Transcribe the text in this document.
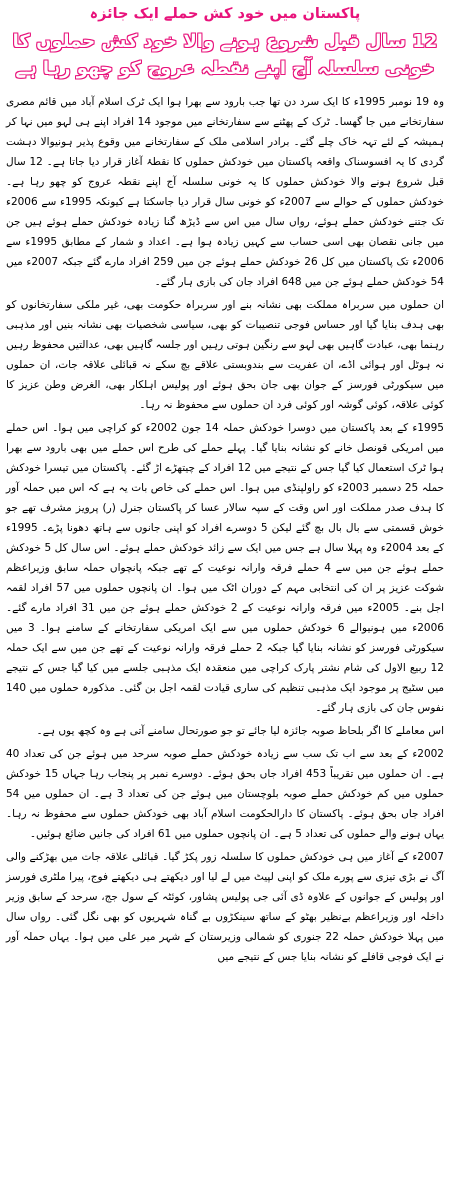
پاکستان میں خود کش حملے ایک جائزہ
12 سال قبل شروع ہونے والا خود کش حملوں کا
خونی سلسلہ آج اپنے نقطہ عروج کو چھو رہا ہے

وہ 19 نومبر 1995ء کا ایک سرد دن تھا جب بارود سے بھرا ہوا ایک ٹرک اسلام آباد میں قائم مصری سفارتخانے میں جا گھسا۔ ٹرک کے پھٹنے سے سفارتخانے میں موجود 14 افراد اپنے ہی لہو میں نہا کر ہمیشہ کے لئے تہہ خاک چلے گئے۔ برادر اسلامی ملک کے سفارتخانے میں وقوع پذیر ہونیوالا دہشت گردی کا یہ افسوسناک واقعہ پاکستان میں خودکش حملوں کا نقطۂ آغاز قرار دیا جاتا ہے۔ 12 سال قبل شروع ہونے والا خودکش حملوں کا یہ خونی سلسلہ آج اپنے نقطہ عروج کو چھو رہا ہے۔ خودکش حملوں کے حوالے سے 2007ء کو خونی سال قرار دیا جاسکتا ہے کیونکہ 1995ء سے 2006ء تک جتنے خودکش حملے ہوئے، رواں سال میں اس سے ڈیڑھ گنا زیادہ خودکش حملے ہوئے ہیں جن میں جانی نقصان بھی اسی حساب سے کہیں زیادہ ہوا ہے۔ اعداد و شمار کے مطابق 1995ء سے 2006ء تک پاکستان میں کل 26 خودکش حملے ہوئے جن میں 259 افراد مارے گئے جبکہ 2007ء میں 54 خودکش حملے ہوئے جن میں 648 افراد جان کی بازی ہار گئے۔

ان حملوں میں سربراہ مملکت بھی نشانہ بنے اور سربراہ حکومت بھی، غیر ملکی سفارتخانوں کو بھی ہدف بنایا گیا اور حساس فوجی تنصیبات کو بھی، سیاسی شخصیات بھی نشانہ بنیں اور مذہبی رہنما بھی، عبادت گاہیں بھی لہو سے رنگین ہوتی رہیں اور جلسہ گاہیں بھی، عدالتیں محفوظ رہیں نہ ہوٹل اور ہوائی اڈے، ان عفریت سے بندوبستی علاقے بچ سکے نہ قبائلی علاقہ جات، ان حملوں میں سیکورٹی فورسز کے جوان بھی جان بحق ہوئے اور پولیس اہلکار بھی، الغرض وطن عزیز کا کوئی علاقہ، کوئی گوشہ اور کوئی فرد ان حملوں سے محفوظ نہ رہا۔

1995ء کے بعد پاکستان میں دوسرا خودکش حملہ 14 جون 2002ء کو کراچی میں ہوا۔ اس حملے میں امریکی قونصل خانے کو نشانہ بنایا گیا۔ پہلے حملے کی طرح اس حملے میں بھی بارود سے بھرا ہوا ٹرک استعمال کیا گیا جس کے نتیجے میں 12 افراد کے چیتھڑے اڑ گئے۔ پاکستان میں تیسرا خودکش حملہ 25 دسمبر 2003ء کو راولپنڈی میں ہوا۔ اس حملے کی خاص بات یہ ہے کہ اس میں حملہ آور کا ہدف صدر مملکت اور اس وقت کے سپہ سالار عسا کر پاکستان جنرل (ر) پرویز مشرف تھے جو خوش قسمتی سے بال بال بچ گئے لیکن 5 دوسرے افراد کو اپنی جانوں سے ہاتھ دھونا پڑے۔ 1995ء کے بعد 2004ء وہ پہلا سال ہے جس میں ایک سے زائد خودکش حملے ہوئے۔ اس سال کل 5 خودکش حملے ہوئے جن میں سے 4 حملے فرقہ وارانہ نوعیت کے تھے جبکہ پانچواں حملہ سابق وزیراعظم شوکت عزیز پر ان کی انتخابی مہم کے دوران اٹک میں ہوا۔ ان پانچوں حملوں میں 57 افراد لقمہ اجل بنے۔ 2005ء میں فرقہ وارانہ نوعیت کے 2 خودکش حملے ہوئے جن میں 31 افراد مارے گئے۔ 2006ء میں ہونیوالے 6 خودکش حملوں میں سے ایک امریکی سفارتخانے کے سامنے ہوا۔ 3 میں سیکورٹی فورسز کو نشانہ بنایا گیا جبکہ 2 حملے فرقہ وارانہ نوعیت کے تھے جن میں سے ایک حملہ 12 ربیع الاول کی شام نشتر پارک کراچی میں منعقدہ ایک مذہبی جلسے میں کیا گیا جس کے نتیجے میں سٹیج پر موجود ایک مذہبی تنظیم کی ساری قیادت لقمہ اجل بن گئی۔ مذکورہ حملوں میں 140 نفوس جان کی بازی ہار گئے۔

اس معاملے کا اگر بلحاظ صوبہ جائزہ لیا جائے تو جو صورتحال سامنے آتی ہے وہ کچھ یوں ہے۔

2002ء کے بعد سے اب تک سب سے زیادہ خودکش حملے صوبہ سرحد میں ہوئے جن کی تعداد 40 ہے۔ ان حملوں میں تقریباً 453 افراد جاں بحق ہوئے۔ دوسرے نمبر پر پنجاب رہا جہاں 15 خودکش حملوں میں کم خودکش حملے صوبہ بلوچستان میں ہوئے جن کی تعداد 3 ہے۔ ان حملوں میں 54 افراد جاں بحق ہوئے۔ پاکستان کا دارالحکومت اسلام آباد بھی خودکش حملوں سے محفوظ نہ رہا۔ یہاں ہونے والے حملوں کی تعداد 5 ہے۔ ان پانچوں حملوں میں 61 افراد کی جانیں ضائع ہوئیں۔

2007ء کے آغاز میں ہی خودکش حملوں کا سلسلہ زور پکڑ گیا۔ قبائلی علاقہ جات میں بھڑکنے والی آگ نے بڑی تیزی سے پورے ملک کو اپنی لپیٹ میں لے لیا اور دیکھتے ہی دیکھتے فوج، پیرا ملٹری فورسز اور پولیس کے جوانوں کے علاوہ ڈی آئی جی پولیس پشاور، کوئٹہ کے سول جج، سرحد کے سابق وزیر داخلہ اور وزیراعظم بےنظیر بھٹو کے ساتھ سینکڑوں بے گناہ شہریوں کو بھی نگل گئی۔ رواں سال میں پہلا خودکش حملہ 22 جنوری کو شمالی وزیرستان کے شہر میر علی میں ہوا۔ یہاں حملہ آور نے ایک فوجی قافلے کو نشانہ بنایا جس کے نتیجے میں
